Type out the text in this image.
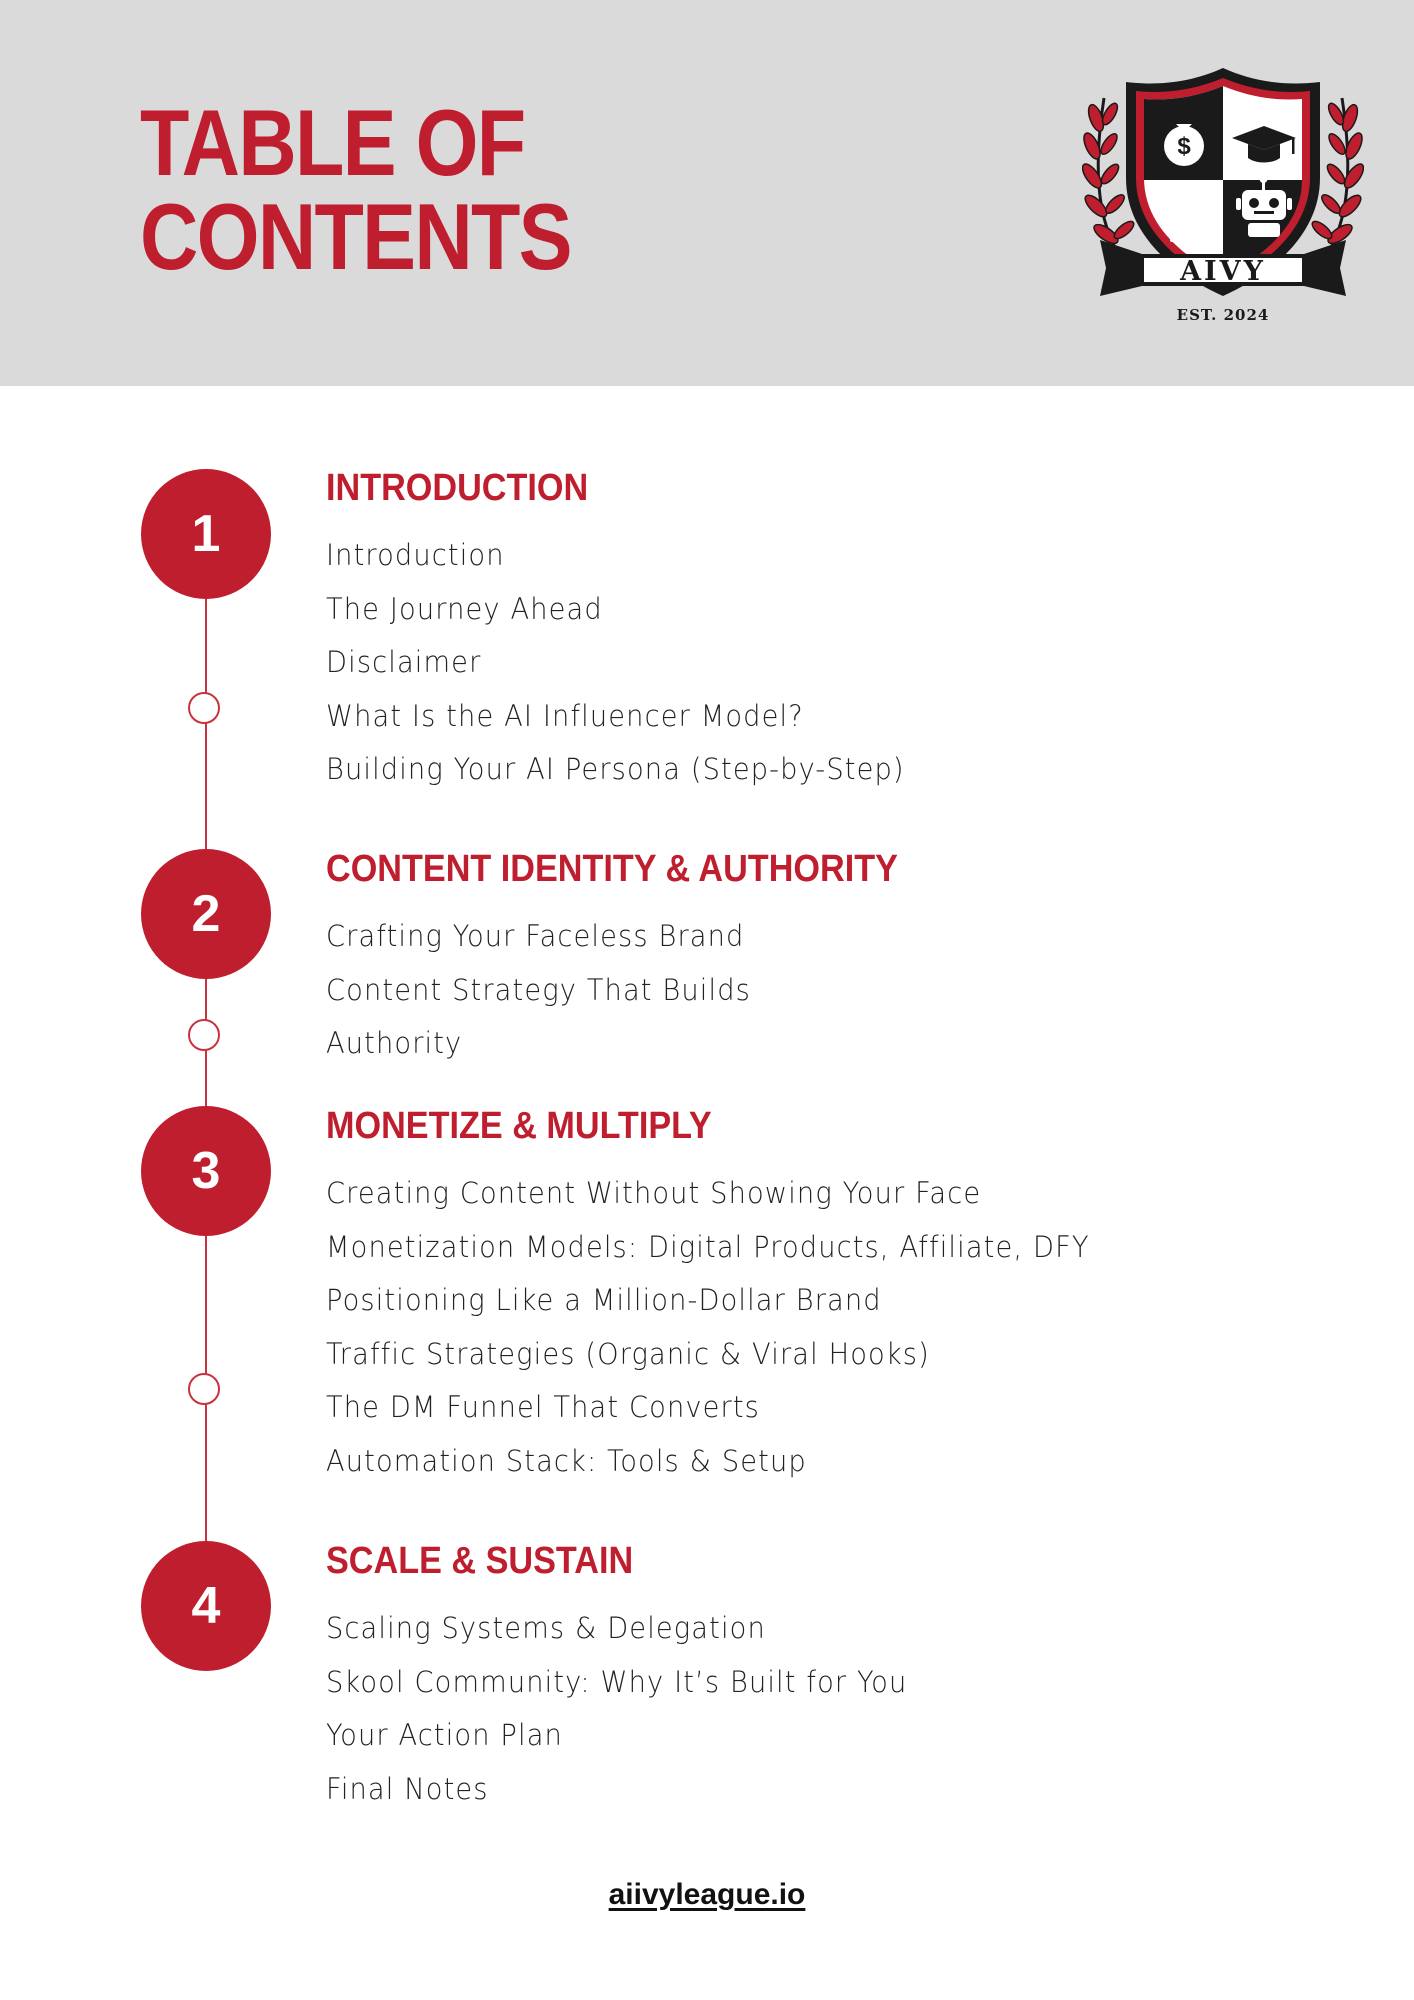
TABLE OF
CONTENTS
$
AIVY
EST. 2024
1
2
3
4
INTRODUCTION
Introduction
The Journey Ahead
Disclaimer
What Is the AI Influencer Model?
Building Your AI Persona (Step-by-Step)
CONTENT IDENTITY & AUTHORITY
Crafting Your Faceless Brand
Content Strategy That Builds
Authority
MONETIZE & MULTIPLY
Creating Content Without Showing Your Face
Monetization Models: Digital Products, Affiliate, DFY
Positioning Like a Million-Dollar Brand
Traffic Strategies (Organic & Viral Hooks)
The DM Funnel That Converts
Automation Stack: Tools & Setup
SCALE & SUSTAIN
Scaling Systems & Delegation
Skool Community: Why It’s Built for You
Your Action Plan
Final Notes
aiivyleague.io
